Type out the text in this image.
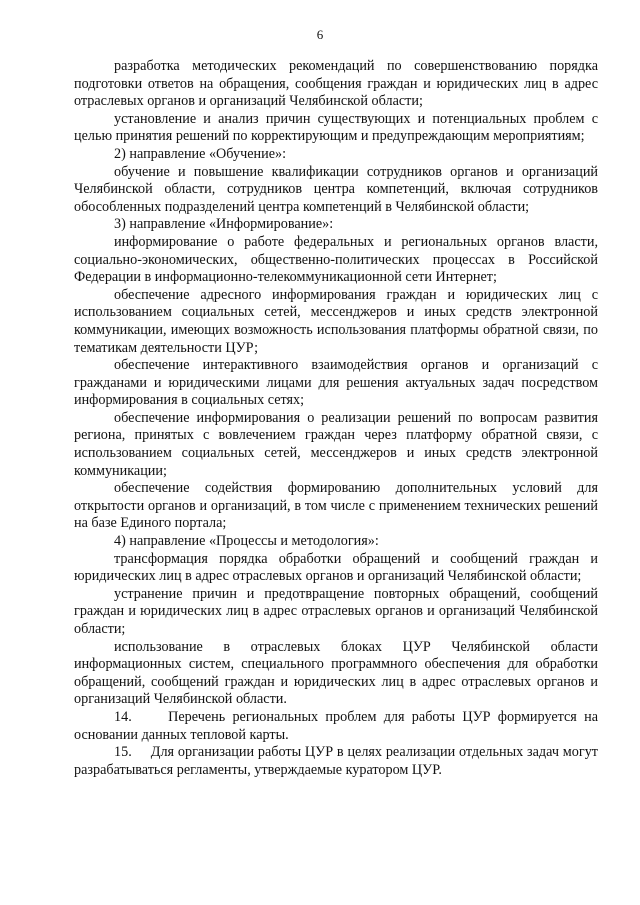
6

разработка методических рекомендаций по совершенствованию порядка подготовки ответов на обращения, сообщения граждан и юридических лиц в адрес отраслевых органов и организаций Челябинской области;

установление и анализ причин существующих и потенциальных проблем с целью принятия решений по корректирующим и предупреждающим мероприятиям;

2) направление «Обучение»:

обучение и повышение квалификации сотрудников органов и организаций Челябинской области, сотрудников центра компетенций, включая сотрудников обособленных подразделений центра компетенций в Челябинской области;

3) направление «Информирование»:

информирование о работе федеральных и региональных органов власти, социально-экономических, общественно-политических процессах в Российской Федерации в информационно-телекоммуникационной сети Интернет;

обеспечение адресного информирования граждан и юридических лиц с использованием социальных сетей, мессенджеров и иных средств электронной коммуникации, имеющих возможность использования платформы обратной связи, по тематикам деятельности ЦУР;

обеспечение интерактивного взаимодействия органов и организаций с гражданами и юридическими лицами для решения актуальных задач посредством информирования в социальных сетях;

обеспечение информирования о реализации решений по вопросам развития региона, принятых с вовлечением граждан через платформу обратной связи, с использованием социальных сетей, мессенджеров и иных средств электронной коммуникации;

обеспечение содействия формированию дополнительных условий для открытости органов и организаций, в том числе с применением технических решений на базе Единого портала;

4) направление «Процессы и методология»:

трансформация порядка обработки обращений и сообщений граждан и юридических лиц в адрес отраслевых органов и организаций Челябинской области;

устранение причин и предотвращение повторных обращений, сообщений граждан и юридических лиц в адрес отраслевых органов и организаций Челябинской области;

использование в отраслевых блоках ЦУР Челябинской области информационных систем, специального программного обеспечения для обработки обращений, сообщений граждан и юридических лиц в адрес отраслевых органов и организаций Челябинской области.

14.     Перечень региональных проблем для работы ЦУР формируется на основании данных тепловой карты.

15.     Для организации работы ЦУР в целях реализации отдельных задач могут разрабатываться регламенты, утверждаемые куратором ЦУР.
